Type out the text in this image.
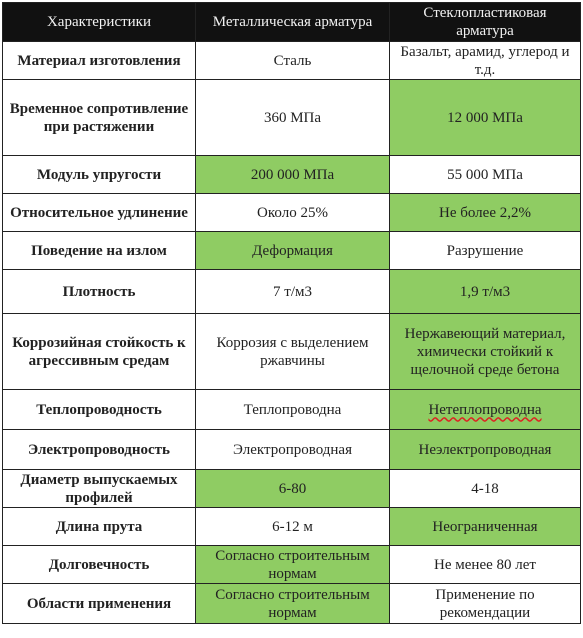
Характеристики	Металлическая арматура	Стеклопластиковая арматура
Материал изготовления	Сталь	Базальт, арамид, углерод и т.д.
Временное сопротивление при растяжении	360 МПа	12 000 МПа
Модуль упругости	200 000 МПа	55 000 МПа
Относительное удлинение	Около 25%	Не более 2,2%
Поведение на излом	Деформация	Разрушение
Плотность	7 т/м3	1,9 т/м3
Коррозийная стойкость к агрессивным средам	Коррозия с выделением ржавчины	Нержавеющий материал, химически стойкий к щелочной среде бетона
Теплопроводность	Теплопроводна	Нетеплопроводна
Электропроводность	Электропроводная	Неэлектропроводная
Диаметр выпускаемых профилей	6-80	4-18
Длина прута	6-12 м	Неограниченная
Долговечность	Согласно строительным нормам	Не менее 80 лет
Области применения	Согласно строительным нормам	Применение по рекомендации
